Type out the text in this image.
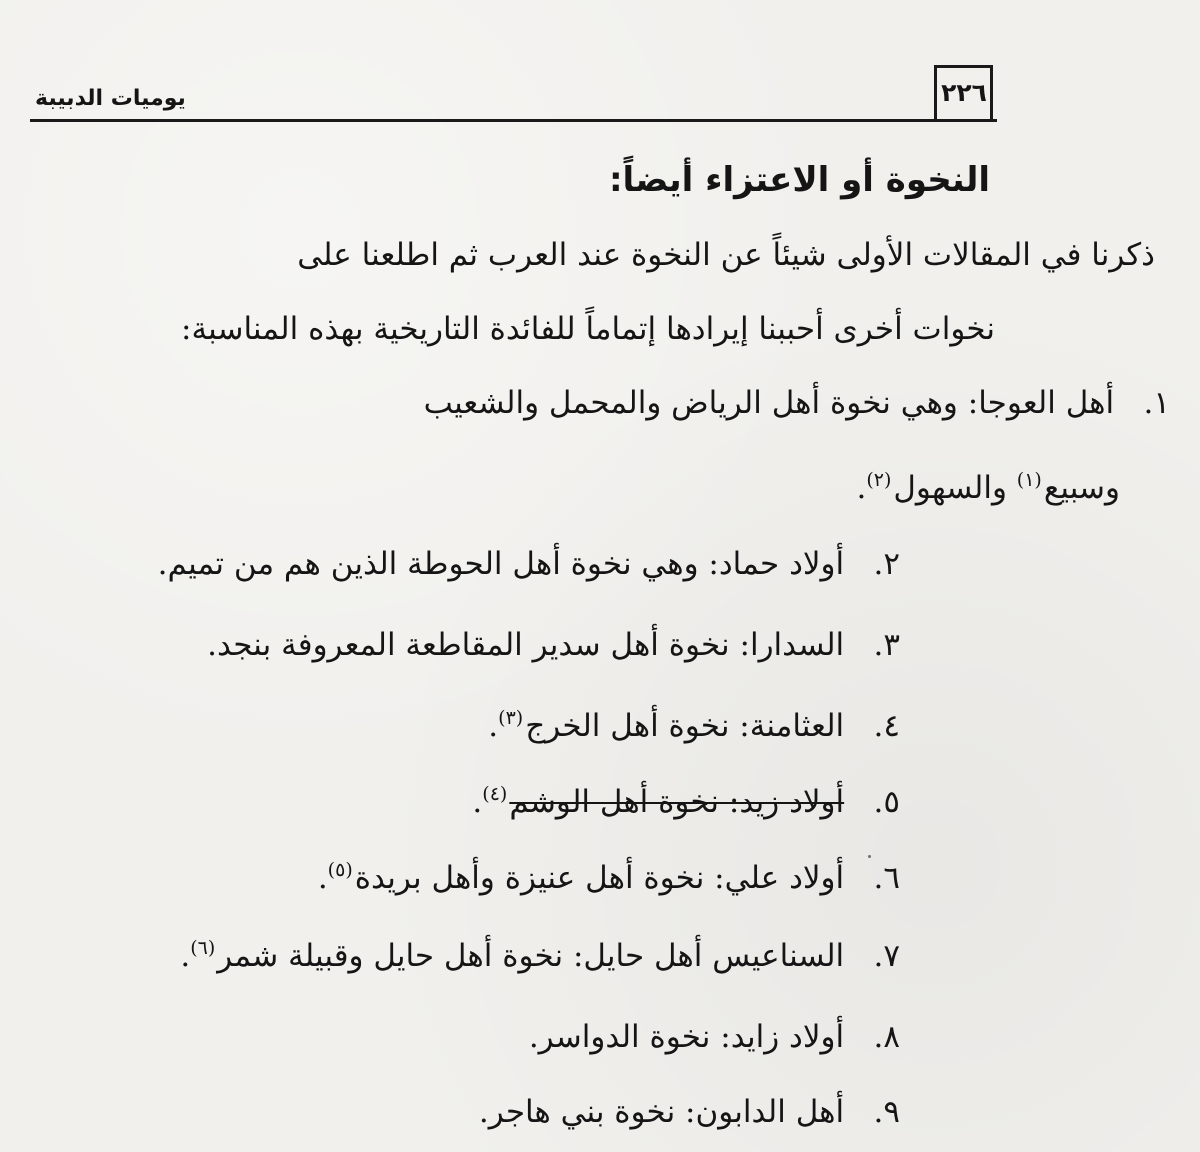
٢٢٦
يوميات الدبيبة
النخوة أو الاعتزاء أيضاً:
ذكرنا في المقالات الأولى شيئاً عن النخوة عند العرب ثم اطلعنا على
نخوات أخرى أحببنا إيرادها إتماماً للفائدة التاريخية بهذه المناسبة:
١. أهل العوجا: وهي نخوة أهل الرياض والمحمل والشعيب
وسبيع$^{(١)}$ والسهول$^{(٢)}$.
٢. أولاد حماد: وهي نخوة أهل الحوطة الذين هم من تميم.
٣. السدارا: نخوة أهل سدير المقاطعة المعروفة بنجد.
٤. العثامنة: نخوة أهل الخرج$^{(٣)}$.
٥. أولاد زيد: نخوة أهل الوشم$^{(٤)}$.
٦. أولاد علي: نخوة أهل عنيزة وأهل بريدة$^{(٥)}$.
٧. السناعيس أهل حايل: نخوة أهل حايل وقبيلة شمر$^{(٦)}$.
٨. أولاد زايد: نخوة الدواسر.
٩. أهل الدابون: نخوة بني هاجر.
